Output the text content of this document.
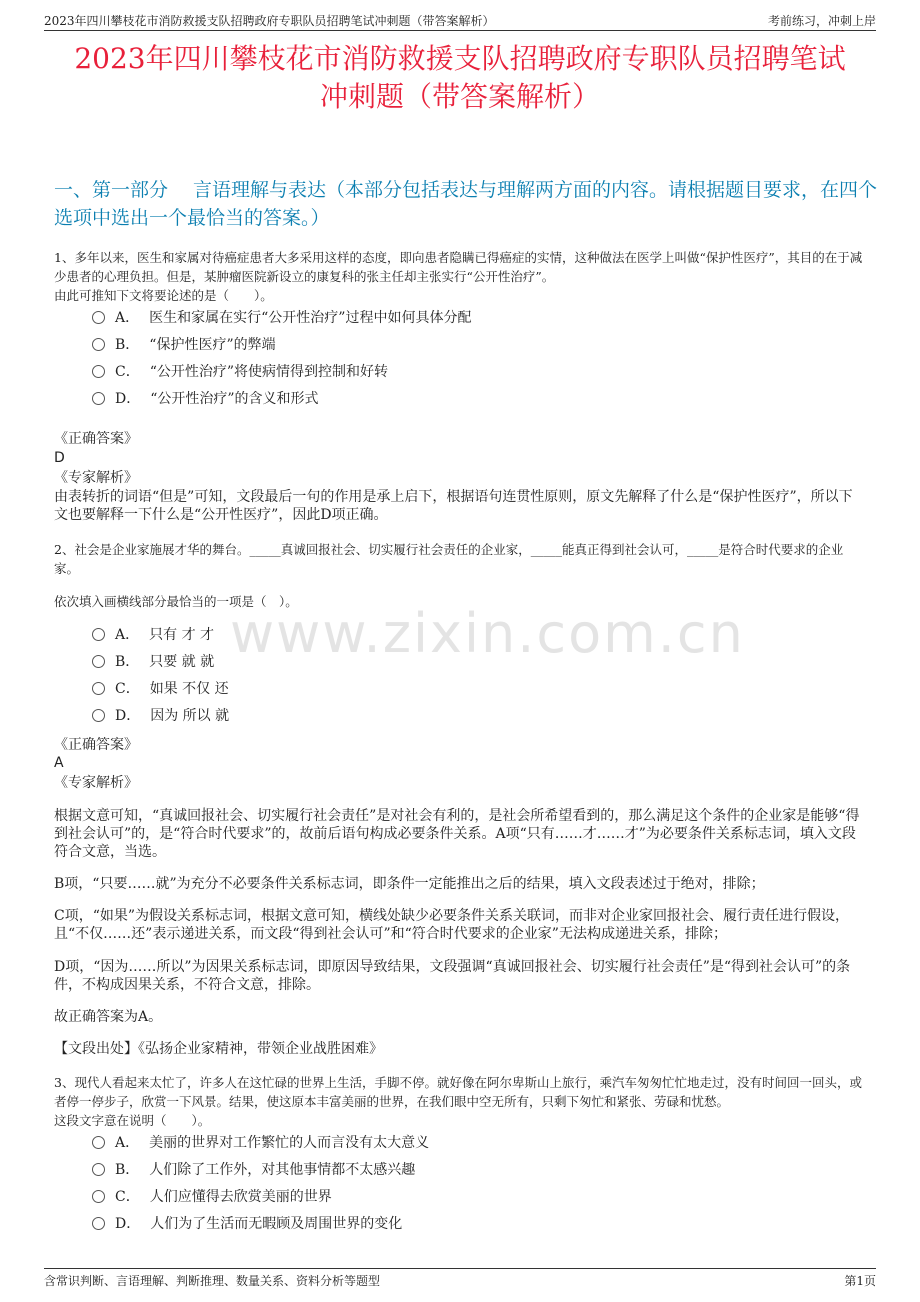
2023年四川攀枝花市消防救援支队招聘政府专职队员招聘笔试冲刺题（带答案解析）	考前练习，冲刺上岸
2023年四川攀枝花市消防救援支队招聘政府专职队员招聘笔试
冲刺题（带答案解析）
一、第一部分　 言语理解与表达（本部分包括表达与理解两方面的内容。请根据题目要求，在四个选项中选出一个最恰当的答案。）
www.zixin.com.cn
1、多年以来，医生和家属对待癌症患者大多采用这样的态度，即向患者隐瞒已得癌症的实情，这种做法在医学上叫做“保护性医疗”，其目的在于减少患者的心理负担。但是，某肿瘤医院新设立的康复科的张主任却主张实行“公开性治疗”。
由此可推知下文将要论述的是（　　）。
A． 医生和家属在实行“公开性治疗”过程中如何具体分配
B． “保护性医疗”的弊端
C． “公开性治疗”将使病情得到控制和好转
D． “公开性治疗”的含义和形式
《正确答案》
D
《专家解析》
由表转折的词语“但是”可知，文段最后一句的作用是承上启下，根据语句连贯性原则，原文先解释了什么是“保护性医疗”，所以下文也要解释一下什么是“公开性医疗”，因此D项正确。
2、社会是企业家施展才华的舞台。_____真诚回报社会、切实履行社会责任的企业家，_____能真正得到社会认可，_____是符合时代要求的企业家。
依次填入画横线部分最恰当的一项是（　）。
A． 只有 才 才
B． 只要 就 就
C． 如果 不仅 还
D． 因为 所以 就
《正确答案》
A
《专家解析》
根据文意可知，“真诚回报社会、切实履行社会责任”是对社会有利的，是社会所希望看到的，那么满足这个条件的企业家是能够“得到社会认可”的，是“符合时代要求”的，故前后语句构成必要条件关系。A项“只有……才……才”为必要条件关系标志词，填入文段符合文意，当选。
B项，“只要……就”为充分不必要条件关系标志词，即条件一定能推出之后的结果，填入文段表述过于绝对，排除；
C项，“如果”为假设关系标志词，根据文意可知，横线处缺少必要条件关系关联词，而非对企业家回报社会、履行责任进行假设，且“不仅……还”表示递进关系，而文段“得到社会认可”和“符合时代要求的企业家”无法构成递进关系，排除；
D项，“因为……所以”为因果关系标志词，即原因导致结果，文段强调“真诚回报社会、切实履行社会责任”是“得到社会认可”的条件，不构成因果关系，不符合文意，排除。
故正确答案为A。
【文段出处】《弘扬企业家精神，带领企业战胜困难》
3、现代人看起来太忙了，许多人在这忙碌的世界上生活，手脚不停。就好像在阿尔卑斯山上旅行，乘汽车匆匆忙忙地走过，没有时间回一回头，或者停一停步子，欣赏一下风景。结果，使这原本丰富美丽的世界，在我们眼中空无所有，只剩下匆忙和紧张、劳碌和忧愁。
这段文字意在说明（　　）。
A． 美丽的世界对工作繁忙的人而言没有太大意义
B． 人们除了工作外，对其他事情都不太感兴趣
C． 人们应懂得去欣赏美丽的世界
D． 人们为了生活而无暇顾及周围世界的变化
含常识判断、言语理解、判断推理、数量关系、资料分析等题型	第1页
